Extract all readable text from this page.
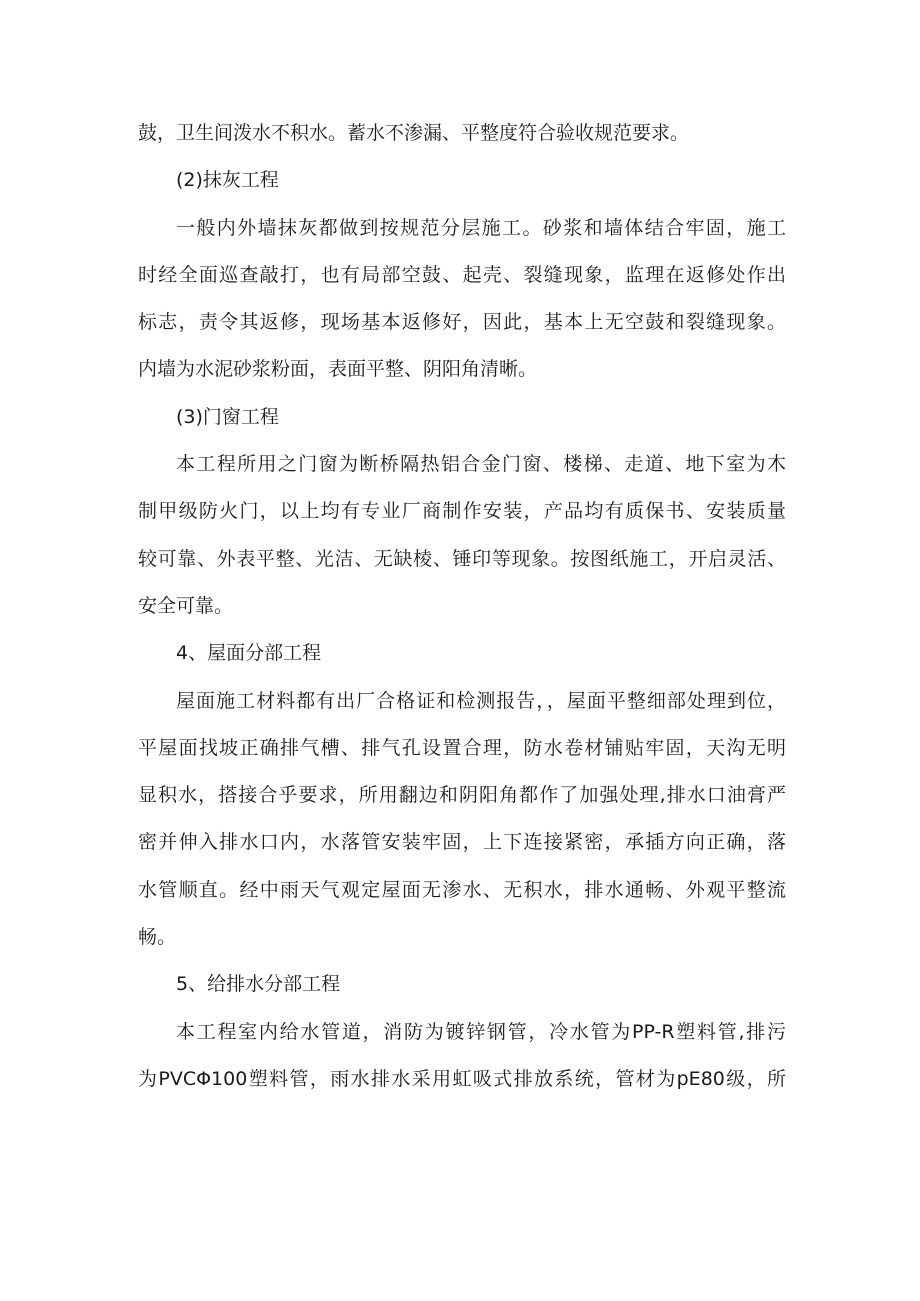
鼓，卫生间泼水不积水。蓄水不渗漏、平整度符合验收规范要求。
(2)抹灰工程
一般内外墙抹灰都做到按规范分层施工。砂浆和墙体结合牢固，施工
时经全面巡查敲打，也有局部空鼓、起壳、裂缝现象，监理在返修处作出
标志，责令其返修，现场基本返修好，因此，基本上无空鼓和裂缝现象。
内墙为水泥砂浆粉面，表面平整、阴阳角清晰。
(3)门窗工程
本工程所用之门窗为断桥隔热铝合金门窗、楼梯、走道、地下室为木
制甲级防火门，以上均有专业厂商制作安装，产品均有质保书、安装质量
较可靠、外表平整、光洁、无缺棱、锤印等现象。按图纸施工，开启灵活、
安全可靠。
4、屋面分部工程
屋面施工材料都有出厂合格证和检测报告，，屋面平整细部处理到位，
平屋面找坡正确排气槽、排气孔设置合理，防水卷材铺贴牢固，天沟无明
显积水，搭接合乎要求，所用翻边和阴阳角都作了加强处理,排水口油膏严
密并伸入排水口内，水落管安装牢固，上下连接紧密，承插方向正确，落
水管顺直。经中雨天气观定屋面无渗水、无积水，排水通畅、外观平整流
畅。
5、给排水分部工程
本工程室内给水管道，消防为镀锌钢管，冷水管为PP-R塑料管,排污
为PVCΦ100塑料管，雨水排水采用虹吸式排放系统，管材为pE80级，所
